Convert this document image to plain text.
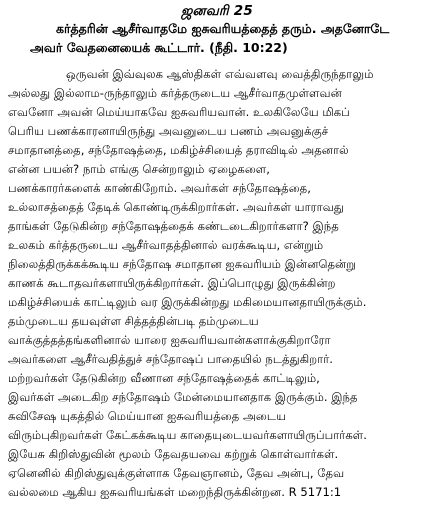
ஜனவரி 25
கர்த்தரின் ஆசீர்வாதமே ஐசுவரியத்தைத் தரும். அதனோடே
அவர் வேதனையைக் கூட்டார். (நீதி. 10:22)
ஒருவன் இவ்வுலக ஆஸ்திகள் எவ்வளவு வைத்திருந்தாலும்
அல்லது இல்லாம-ருந்தாலும் கர்த்தருடைய ஆசீர்வாதமுள்ளவன்
எவனோ அவன் மெய்யாகவே ஐசுவரியவான். உலகிலேயே மிகப்
பெரிய பணக்காரனாயிருந்து அவனுடைய பணம் அவனுக்குச்
சமாதானத்தை, சந்தோஷத்தை, மகிழ்ச்சியைத் தராவிடில் அதனால்
என்ன பயன்? நாம் எங்கு சென்றாலும் ஏழைகளை,
பணக்காரர்களைக் காண்கிறோம். அவர்கள் சந்தோஷத்தை,
உல்லாசத்தைத் தேடிக் கொண்டிருக்கிறார்கள். அவர்கள் யாராவது
தாங்கள் தேடுகின்ற சந்தோஷத்தைக் கண்டடைகிறார்களா? இந்த
உலகம் கர்த்தருடைய ஆசீர்வாதத்தினால் வரக்கூடிய, என்றும்
நிலைத்திருக்கக்கூடிய சந்தோஷ சமாதான ஐசுவரியம் இன்னதென்று
காணக் கூடாதவர்களாயிருக்கிறார்கள். இப்பொழுது இருக்கின்ற
மகிழ்ச்சியைக் காட்டிலும் வர இருக்கின்றது மகிமையானதாயிருக்கும்.
தம்முடைய தயவுள்ள சித்தத்தின்படி தம்முடைய
வாக்குத்தத்தங்களினால் யாரை ஐசுவரியவான்களாக்குகிறாரோ
அவர்களை ஆசீர்வதித்துச் சந்தோஷப் பாதையில் நடத்துகிறார்.
மற்றவர்கள் தேடுகின்ற வீணான சந்தோஷத்தைக் காட்டிலும்,
இவர்கள் அடைகிற சந்தோஷம் மேன்மையானதாக இருக்கும். இந்த
சுவிசேஷ யுகத்தில் மெய்யான ஐசுவரியத்தை அடைய
விரும்புகிறவர்கள் கேட்கக்கூடிய காதையுடையவர்களாயிருப்பார்கள்.
இயேசு கிறிஸ்துவின் மூலம் தேவதயவை கற்றுக் கொள்வார்கள்.
ஏனெனில் கிறிஸ்துவுக்குள்ளாக தேவஞானம், தேவ அன்பு, தேவ
வல்லமை ஆகிய ஐசுவரியங்கள் மறைந்திருக்கின்றன. R 5171:1
